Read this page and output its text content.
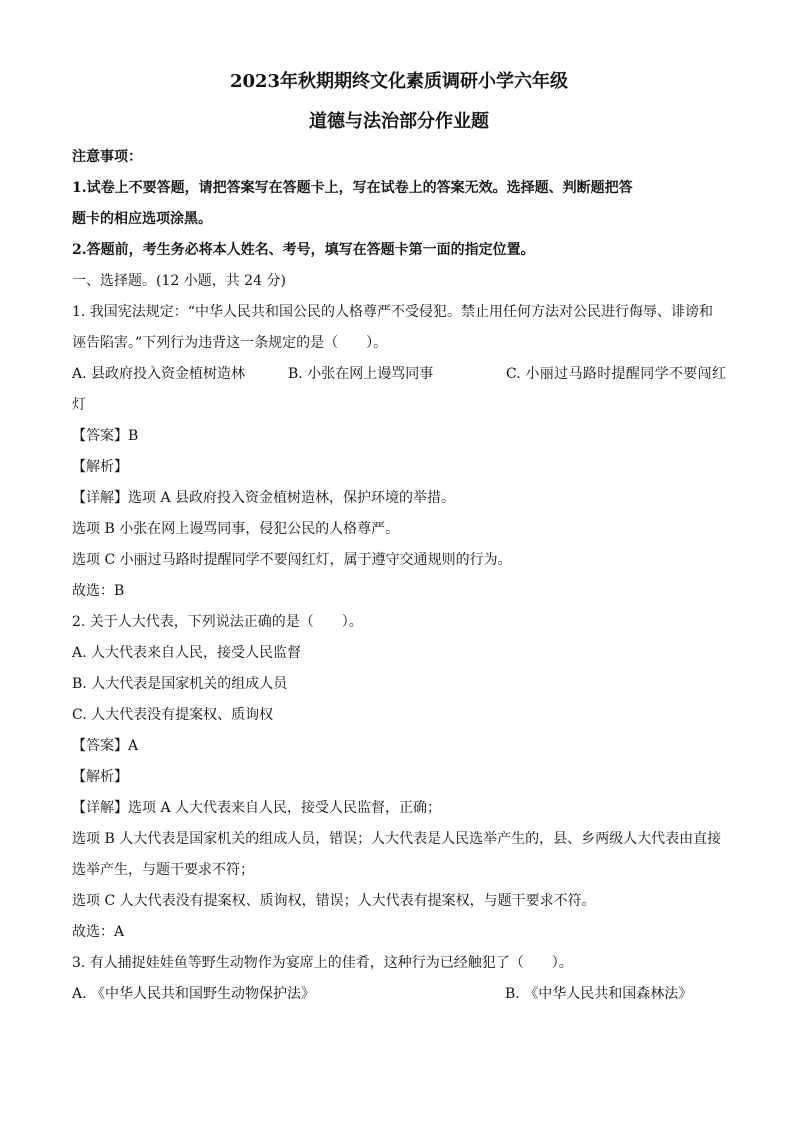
2023年秋期期终文化素质调研小学六年级

道德与法治部分作业题

注意事项：

1.试卷上不要答题，请把答案写在答题卡上，写在试卷上的答案无效。选择题、判断题把答

题卡的相应选项涂黑。

2.答题前，考生务必将本人姓名、考号，填写在答题卡第一面的指定位置。

一、选择题。(12 小题，共 24 分)

1. 我国宪法规定：“中华人民共和国公民的人格尊严不受侵犯。禁止用任何方法对公民进行侮辱、诽谤和

诬告陷害。”下列行为违背这一条规定的是（　　）。

A. 县政府投入资金植树造林	B. 小张在网上谩骂同事	C. 小丽过马路时提醒同学不要闯红

灯

【答案】B

【解析】

【详解】选项 A 县政府投入资金植树造林，保护环境的举措。

选项 B 小张在网上谩骂同事，侵犯公民的人格尊严。

选项 C 小丽过马路时提醒同学不要闯红灯，属于遵守交通规则的行为。

故选：B

2. 关于人大代表，下列说法正确的是（　　）。

A. 人大代表来自人民，接受人民监督

B. 人大代表是国家机关的组成人员

C. 人大代表没有提案权、质询权

【答案】A

【解析】

【详解】选项 A 人大代表来自人民，接受人民监督，正确；

选项 B 人大代表是国家机关的组成人员，错误；人大代表是人民选举产生的，县、乡两级人大代表由直接

选举产生，与题干要求不符；

选项 C 人大代表没有提案权、质询权，错误；人大代表有提案权，与题干要求不符。

故选：A

3. 有人捕捉娃娃鱼等野生动物作为宴席上的佳肴，这种行为已经触犯了（　　）。

A. 《中华人民共和国野生动物保护法》	B. 《中华人民共和国森林法》
